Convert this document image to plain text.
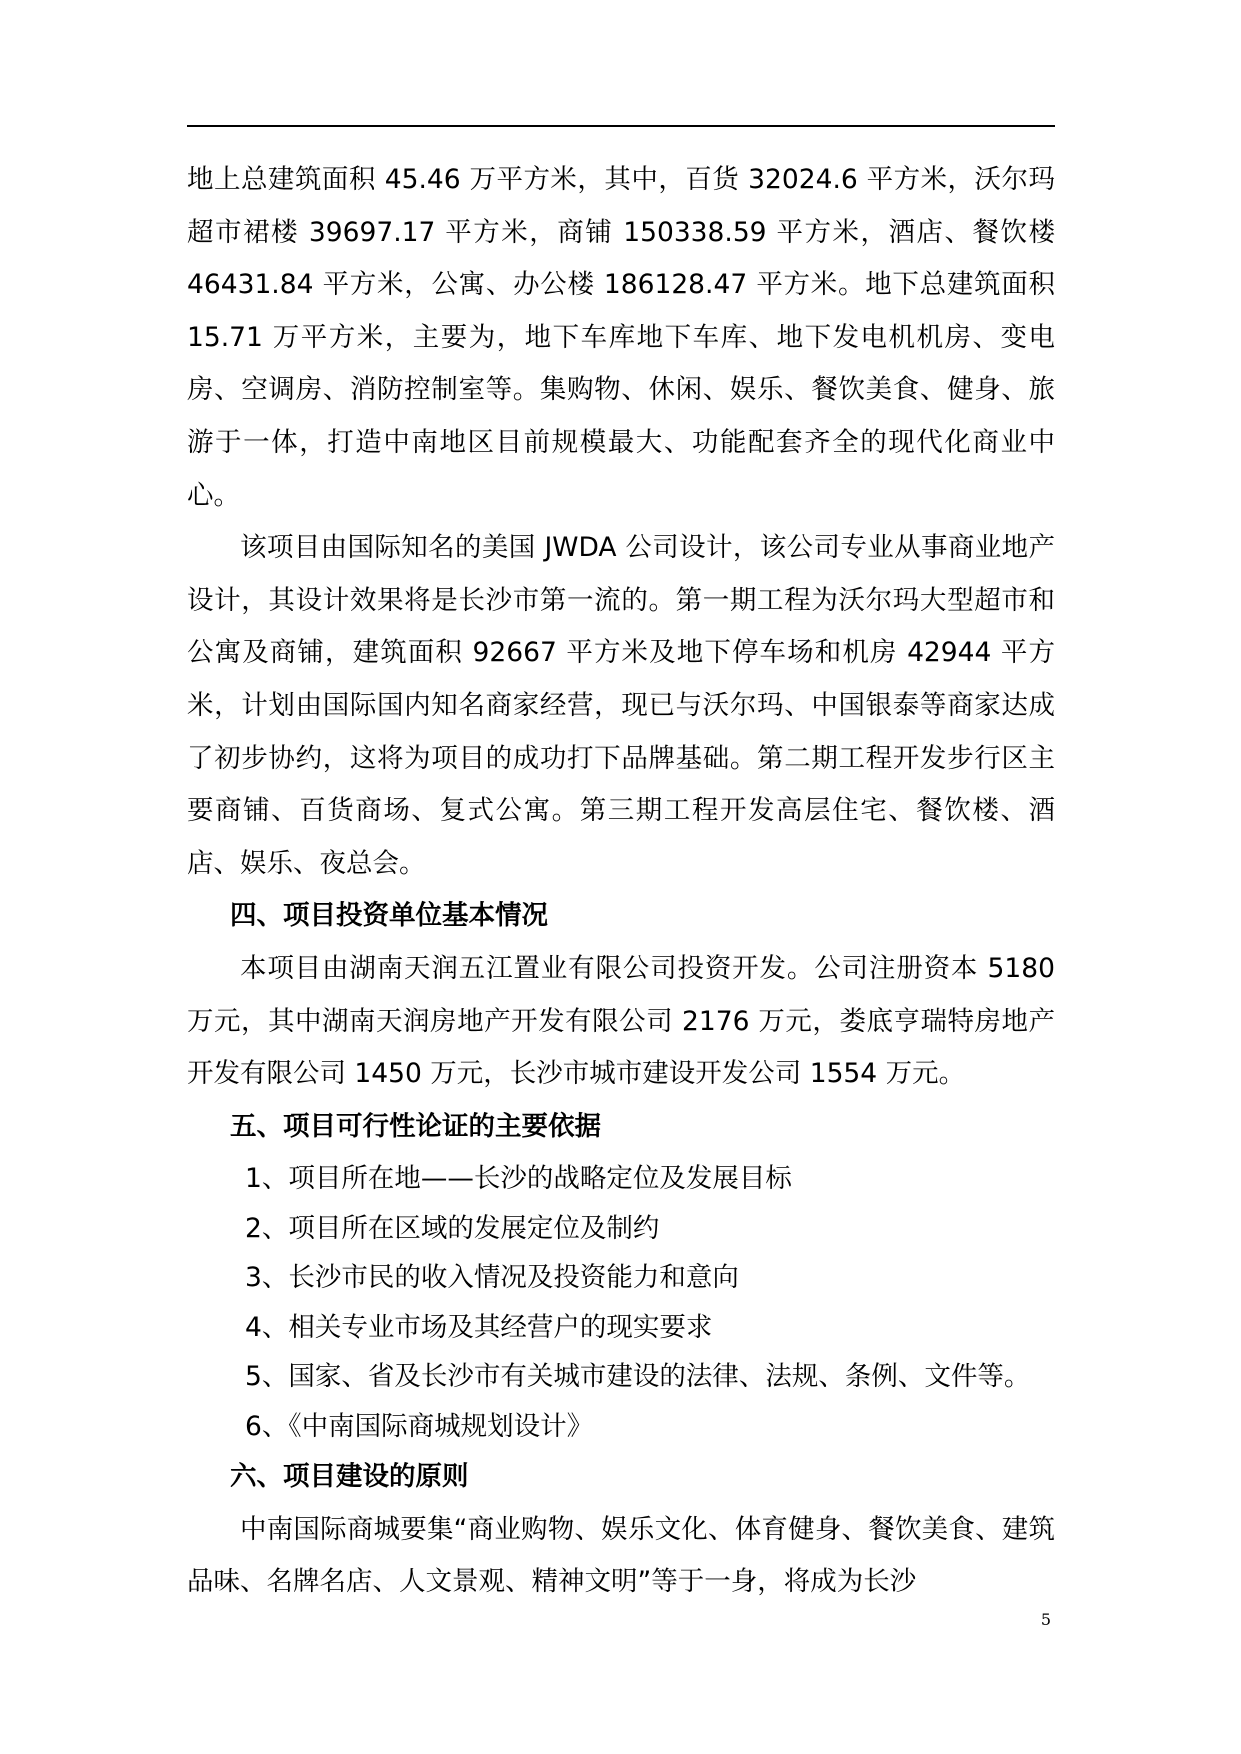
地上总建筑面积 45.46 万平方米，其中，百货 32024.6 平方米，沃尔玛超市裙楼 39697.17 平方米，商铺 150338.59 平方米，酒店、餐饮楼 46431.84 平方米，公寓、办公楼 186128.47 平方米。地下总建筑面积 15.71 万平方米，主要为，地下车库地下车库、地下发电机机房、变电房、空调房、消防控制室等。集购物、休闲、娱乐、餐饮美食、健身、旅游于一体，打造中南地区目前规模最大、功能配套齐全的现代化商业中心。

该项目由国际知名的美国 JWDA 公司设计，该公司专业从事商业地产设计，其设计效果将是长沙市第一流的。第一期工程为沃尔玛大型超市和公寓及商铺，建筑面积 92667 平方米及地下停车场和机房 42944 平方米，计划由国际国内知名商家经营，现已与沃尔玛、中国银泰等商家达成了初步协约，这将为项目的成功打下品牌基础。第二期工程开发步行区主要商铺、百货商场、复式公寓。第三期工程开发高层住宅、餐饮楼、酒店、娱乐、夜总会。

四、项目投资单位基本情况

本项目由湖南天润五江置业有限公司投资开发。公司注册资本 5180 万元，其中湖南天润房地产开发有限公司 2176 万元，娄底亨瑞特房地产开发有限公司 1450 万元，长沙市城市建设开发公司 1554 万元。

五、项目可行性论证的主要依据

1、项目所在地——长沙的战略定位及发展目标

2、项目所在区域的发展定位及制约

3、长沙市民的收入情况及投资能力和意向

4、相关专业市场及其经营户的现实要求

5、国家、省及长沙市有关城市建设的法律、法规、条例、文件等。

6、《中南国际商城规划设计》

六、项目建设的原则

中南国际商城要集“商业购物、娱乐文化、体育健身、餐饮美食、建筑品味、名牌名店、人文景观、精神文明”等于一身，将成为长沙

5
